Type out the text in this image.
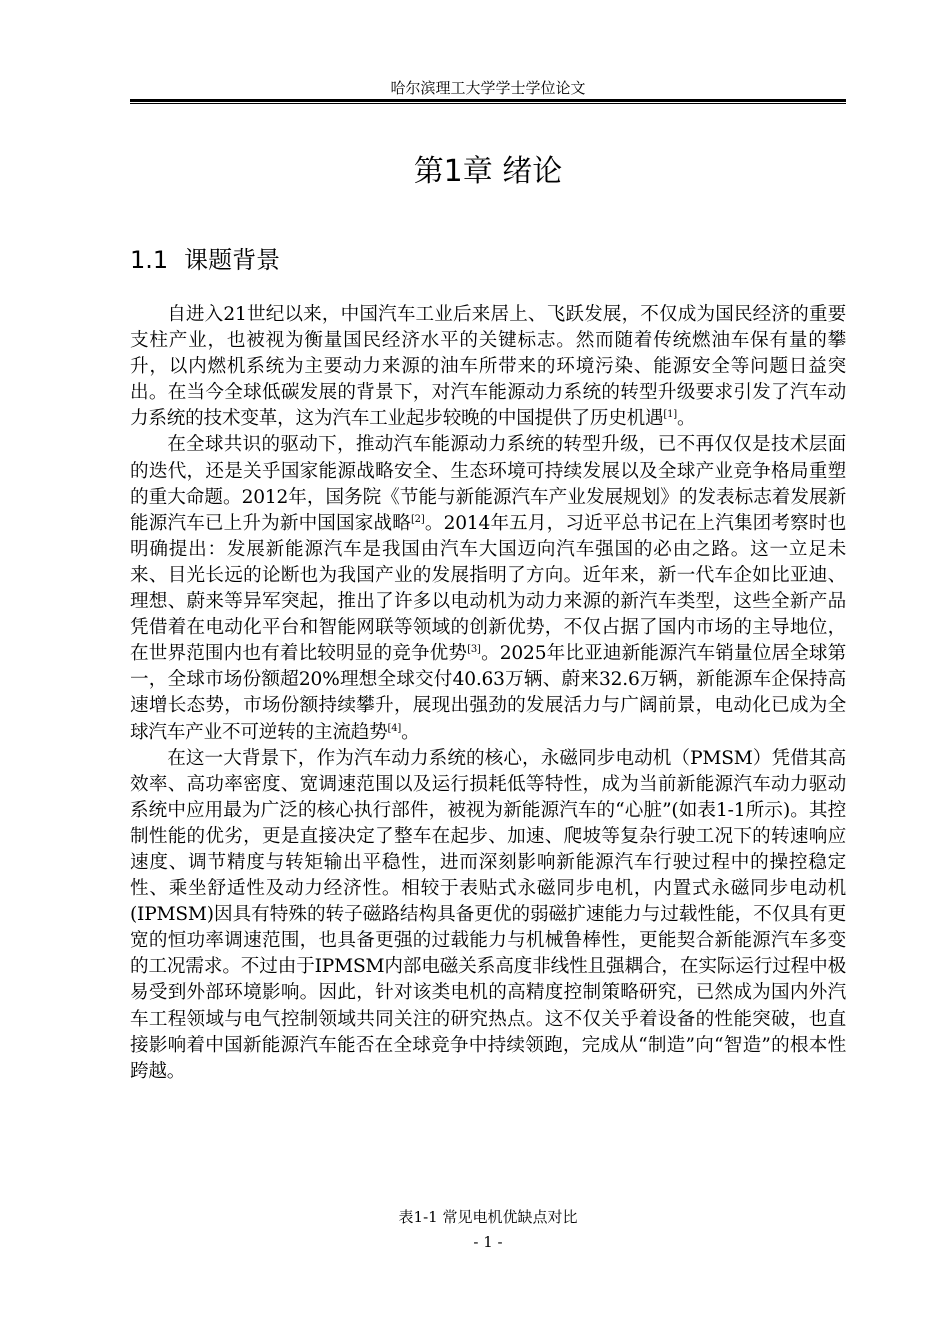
哈尔滨理工大学学士学位论文
第1章 绪论
1.1 课题背景

自进入21世纪以来，中国汽车工业后来居上、飞跃发展，不仅成为国民经济的重要支柱产业，也被视为衡量国民经济水平的关键标志。然而随着传统燃油车保有量的攀升，以内燃机系统为主要动力来源的油车所带来的环境污染、能源安全等问题日益突出。在当今全球低碳发展的背景下，对汽车能源动力系统的转型升级要求引发了汽车动力系统的技术变革，这为汽车工业起步较晚的中国提供了历史机遇[1]。

在全球共识的驱动下，推动汽车能源动力系统的转型升级，已不再仅仅是技术层面的迭代，还是关乎国家能源战略安全、生态环境可持续发展以及全球产业竞争格局重塑的重大命题。2012年，国务院《节能与新能源汽车产业发展规划》的发表标志着发展新能源汽车已上升为新中国国家战略[2]。2014年五月，习近平总书记在上汽集团考察时也明确提出：发展新能源汽车是我国由汽车大国迈向汽车强国的必由之路。这一立足未来、目光长远的论断也为我国产业的发展指明了方向。近年来，新一代车企如比亚迪、理想、蔚来等异军突起，推出了许多以电动机为动力来源的新汽车类型，这些全新产品凭借着在电动化平台和智能网联等领域的创新优势，不仅占据了国内市场的主导地位，在世界范围内也有着比较明显的竞争优势[3]。2025年比亚迪新能源汽车销量位居全球第一，全球市场份额超20%理想全球交付40.63万辆、蔚来32.6万辆，新能源车企保持高速增长态势，市场份额持续攀升，展现出强劲的发展活力与广阔前景，电动化已成为全球汽车产业不可逆转的主流趋势[4]。

在这一大背景下，作为汽车动力系统的核心，永磁同步电动机（PMSM）凭借其高效率、高功率密度、宽调速范围以及运行损耗低等特性，成为当前新能源汽车动力驱动系统中应用最为广泛的核心执行部件，被视为新能源汽车的“心脏”(如表1-1所示)。其控制性能的优劣，更是直接决定了整车在起步、加速、爬坡等复杂行驶工况下的转速响应速度、调节精度与转矩输出平稳性，进而深刻影响新能源汽车行驶过程中的操控稳定性、乘坐舒适性及动力经济性。相较于表贴式永磁同步电机，内置式永磁同步电动机(IPMSM)因具有特殊的转子磁路结构具备更优的弱磁扩速能力与过载性能，不仅具有更宽的恒功率调速范围，也具备更强的过载能力与机械鲁棒性，更能契合新能源汽车多变的工况需求。不过由于IPMSM内部电磁关系高度非线性且强耦合，在实际运行过程中极易受到外部环境影响。因此，针对该类电机的高精度控制策略研究，已然成为国内外汽车工程领域与电气控制领域共同关注的研究热点。这不仅关乎着设备的性能突破，也直接影响着中国新能源汽车能否在全球竞争中持续领跑，完成从“制造”向“智造”的根本性跨越。

表1-1 常见电机优缺点对比
- 1 -
